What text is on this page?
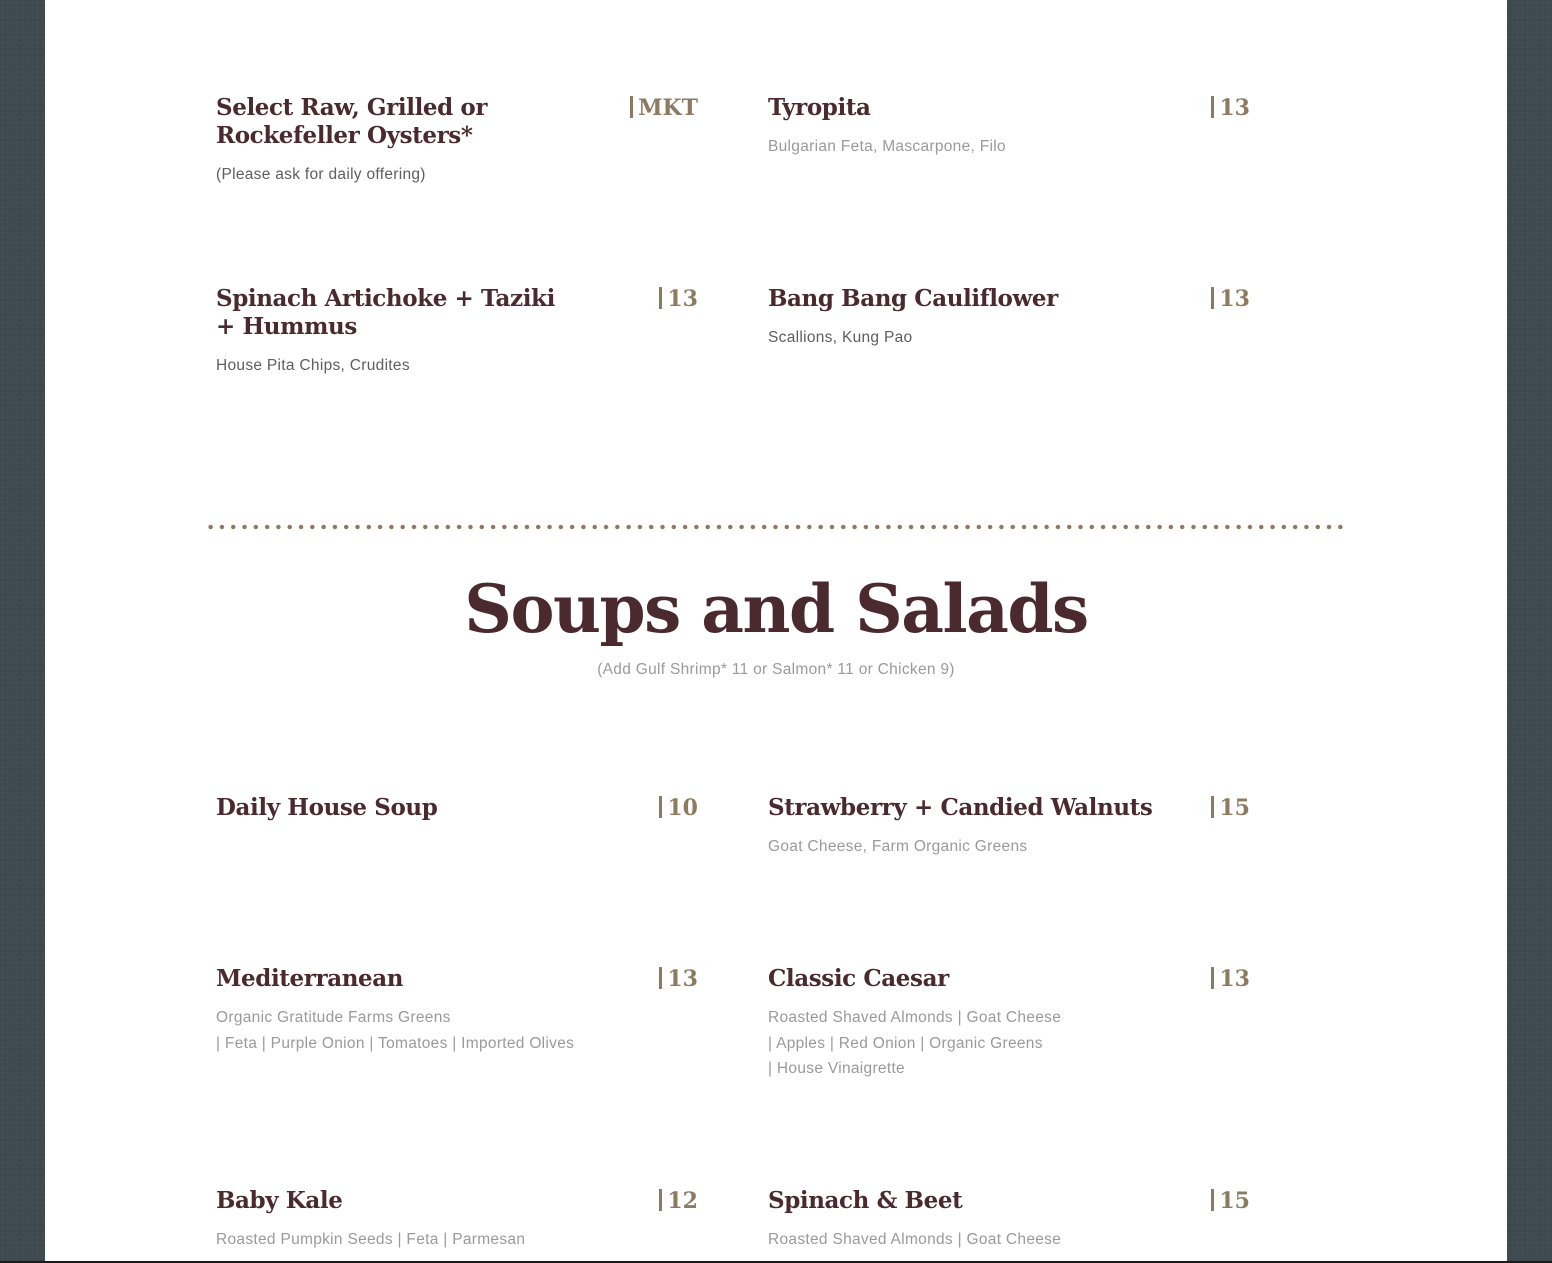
Select Raw, Grilled or Rockefeller Oysters*
MKT
(Please ask for daily offering)
Tyropita	13
Bulgarian Feta, Mascarpone, Filo
Spinach Artichoke + Taziki + Hummus
13
House Pita Chips, Crudites
Bang Bang Cauliflower	13
Scallions, Kung Pao
Soups and Salads
(Add Gulf Shrimp* 11 or Salmon* 11 or Chicken 9)
Daily House Soup	10	Strawberry + Candied Walnuts	15
Goat Cheese, Farm Organic Greens
Mediterranean	13
Organic Gratitude Farms Greens
| Feta | Purple Onion | Tomatoes | Imported Olives
Classic Caesar	13
Roasted Shaved Almonds | Goat Cheese
| Apples | Red Onion | Organic Greens
| House Vinaigrette
Baby Kale	12
Roasted Pumpkin Seeds | Feta | Parmesan
Spinach & Beet	15
Roasted Shaved Almonds | Goat Cheese
